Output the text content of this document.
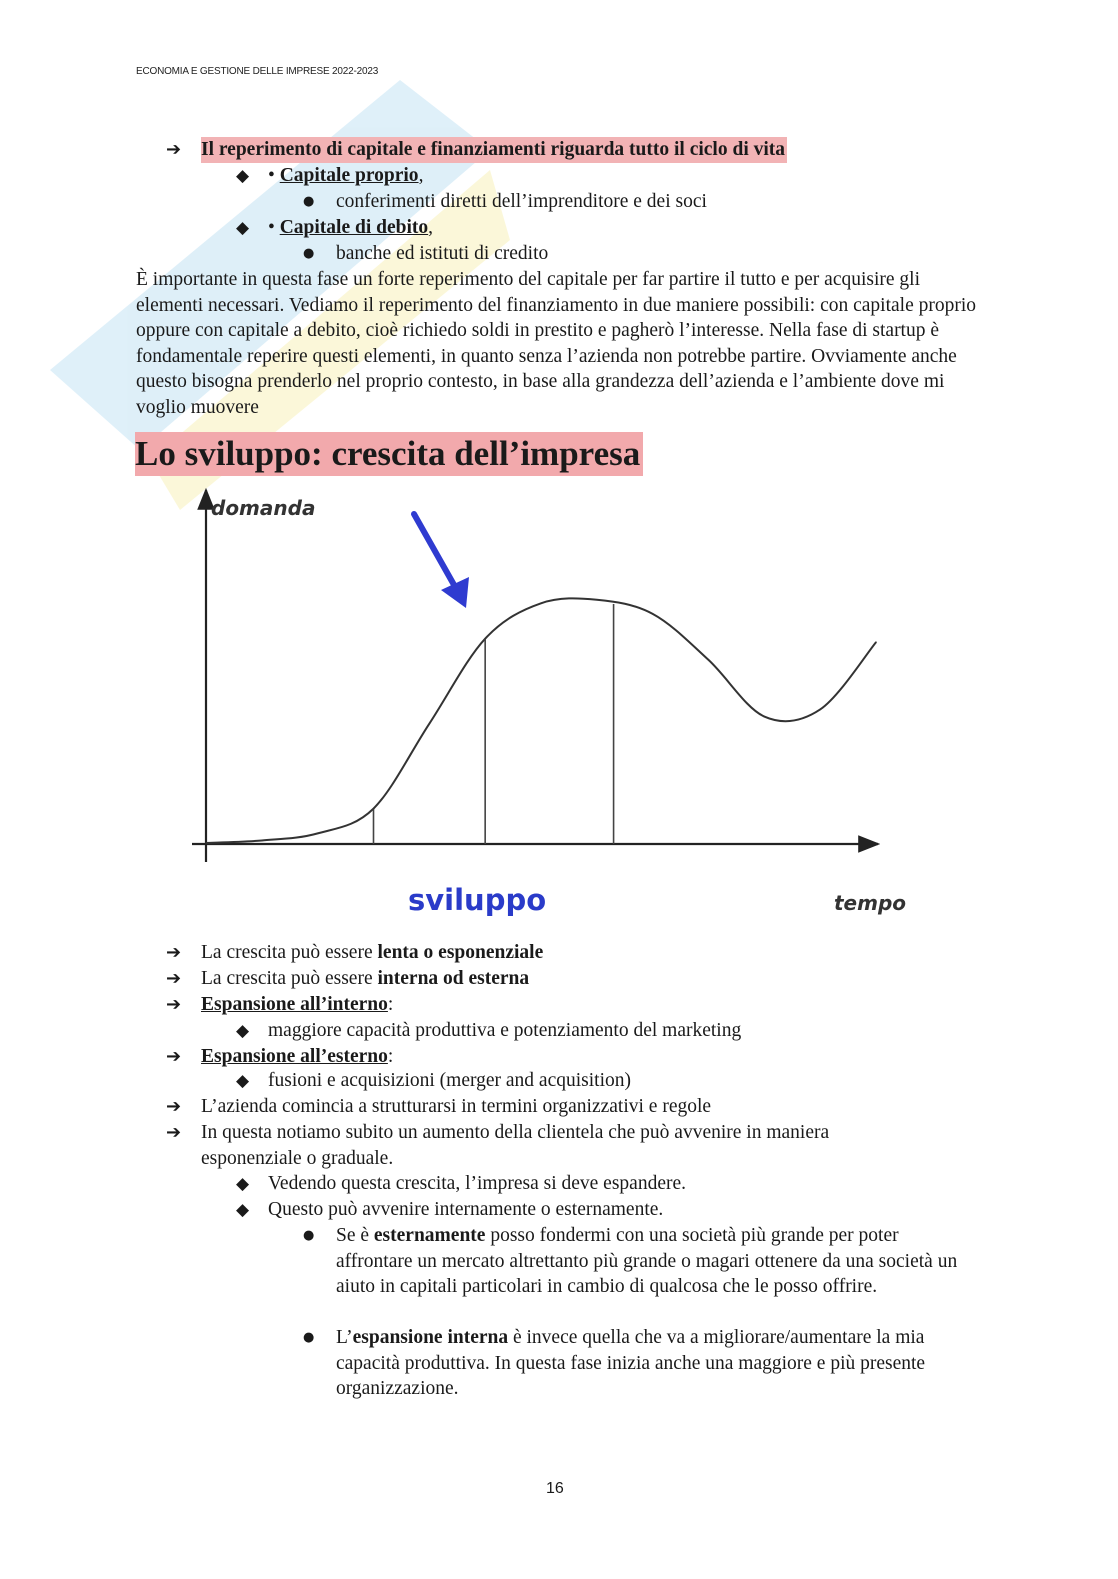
ECONOMIA E GESTIONE DELLE IMPRESE 2022-2023
➔ Il reperimento di capitale e finanziamenti riguarda tutto il ciclo di vita
◆ • Capitale proprio,
● conferimenti diretti dell’imprenditore e dei soci
◆ • Capitale di debito,
● banche ed istituti di credito
È importante in questa fase un forte reperimento del capitale per far partire il tutto e per acquisire gli elementi necessari. Vediamo il reperimento del finanziamento in due maniere possibili: con capitale proprio oppure con capitale a debito, cioè richiedo soldi in prestito e pagherò l’interesse. Nella fase di startup è fondamentale reperire questi elementi, in quanto senza l’azienda non potrebbe partire. Ovviamente anche questo bisogna prenderlo nel proprio contesto, in base alla grandezza dell’azienda e l’ambiente dove mi voglio muovere
Lo sviluppo: crescita dell’impresa
domanda
tempo
sviluppo
➔ La crescita può essere lenta o esponenziale
➔ La crescita può essere interna od esterna
➔ Espansione all’interno:
◆ maggiore capacità produttiva e potenziamento del marketing
➔ Espansione all’esterno:
◆ fusioni e acquisizioni (merger and acquisition)
➔ L’azienda comincia a strutturarsi in termini organizzativi e regole
➔ In questa notiamo subito un aumento della clientela che può avvenire in maniera
esponenziale o graduale.
◆ Vedendo questa crescita, l’impresa si deve espandere.
◆ Questo può avvenire internamente o esternamente.
● Se è esternamente posso fondermi con una società più grande per poter affrontare un mercato altrettanto più grande o magari ottenere da una società un aiuto in capitali particolari in cambio di qualcosa che le posso offrire.
● L’espansione interna è invece quella che va a migliorare/aumentare la mia capacità produttiva. In questa fase inizia anche una maggiore e più presente organizzazione.
16
